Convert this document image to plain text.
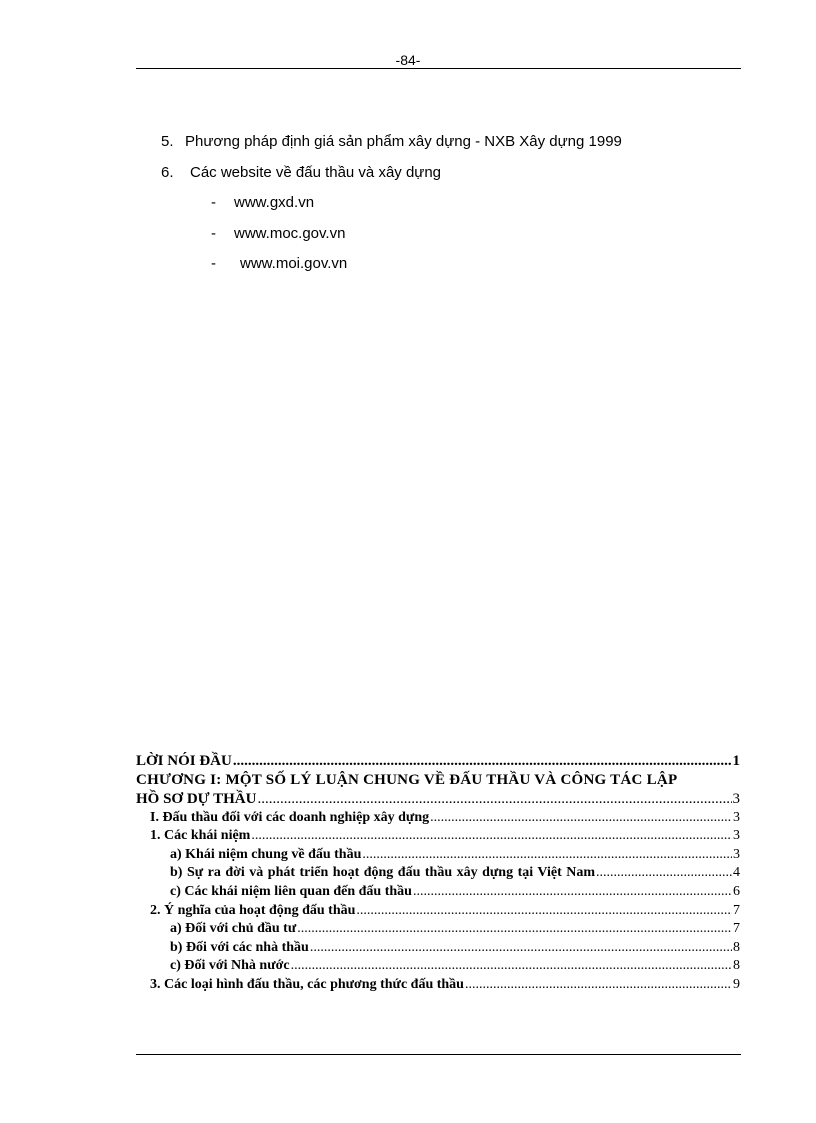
-84-
5. Phương pháp định giá sản phẩm xây dựng - NXB Xây dựng 1999
6. Các website về đấu thầu và xây dựng
- www.gxd.vn
- www.moc.gov.vn
- www.moi.gov.vn
LỜI NÓI ĐẦU .....	1
CHƯƠNG I: MỘT SỐ LÝ LUẬN CHUNG VỀ ĐẤU THẦU VÀ CÔNG TÁC LẬP
HỒ SƠ DỰ THẦU .....	3
I. Đấu thầu đối với các doanh nghiệp xây dựng .....	3
1. Các khái niệm .....	3
a) Khái niệm chung về đấu thầu .....	3
b) Sự ra đời và phát triển hoạt động đấu thầu xây dựng tại Việt Nam .....	4
c) Các khái niệm liên quan đến đấu thầu .....	6
2. Ý nghĩa của hoạt động đấu thầu .....	7
a) Đối với chủ đầu tư .....	7
b) Đối với các nhà thầu .....	8
c) Đối với Nhà nước .....	8
3. Các loại hình đấu thầu, các phương thức đấu thầu .....	9
